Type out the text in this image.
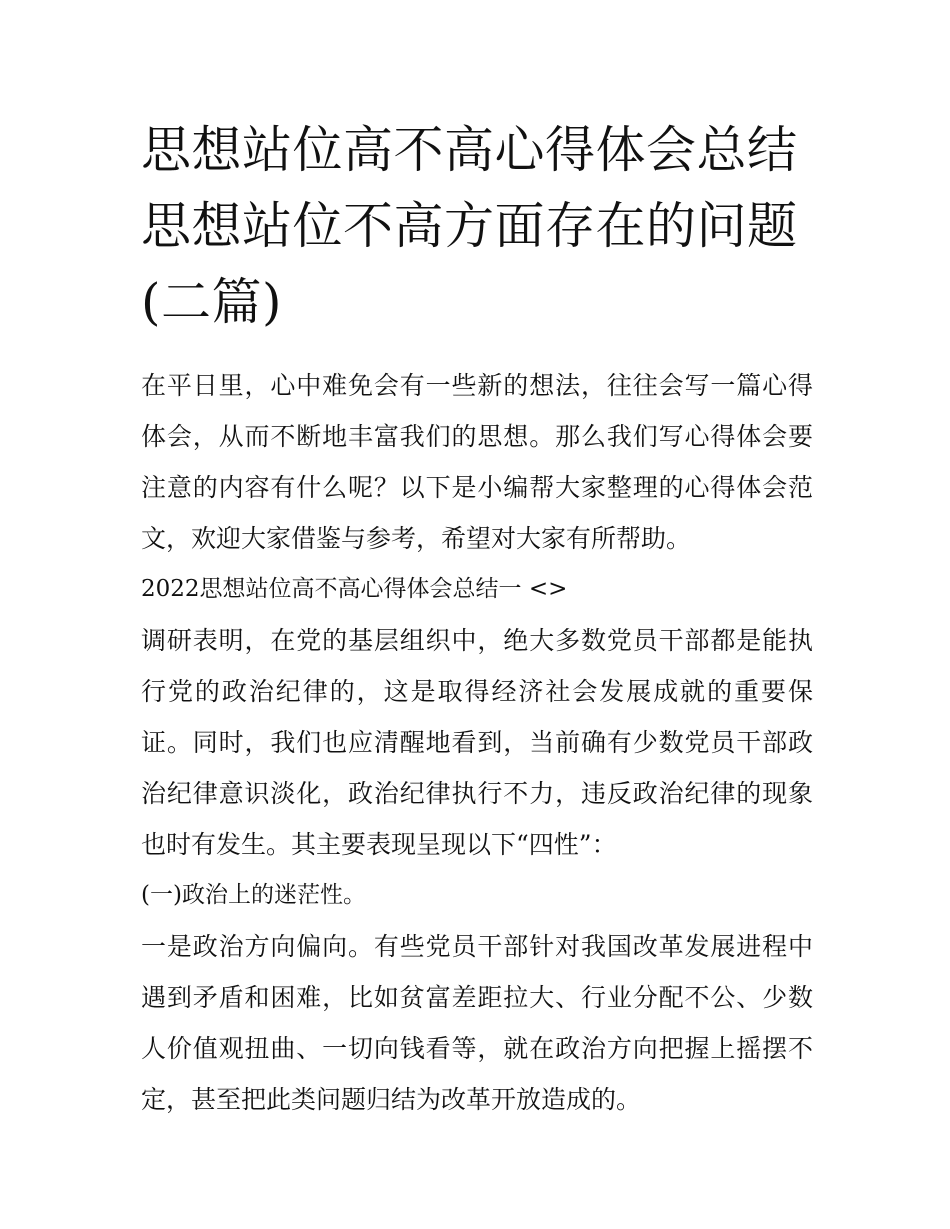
思想站位高不高心得体会总结思想站位不高方面存在的问题(二篇)

在平日里，心中难免会有一些新的想法，往往会写一篇心得体会，从而不断地丰富我们的思想。那么我们写心得体会要注意的内容有什么呢？以下是小编帮大家整理的心得体会范文，欢迎大家借鉴与参考，希望对大家有所帮助。

2022思想站位高不高心得体会总结一 <>

调研表明，在党的基层组织中，绝大多数党员干部都是能执行党的政治纪律的，这是取得经济社会发展成就的重要保证。同时，我们也应清醒地看到，当前确有少数党员干部政治纪律意识淡化，政治纪律执行不力，违反政治纪律的现象也时有发生。其主要表现呈现以下“四性”：

(一)政治上的迷茫性。

一是政治方向偏向。有些党员干部针对我国改革发展进程中遇到矛盾和困难，比如贫富差距拉大、行业分配不公、少数人价值观扭曲、一切向钱看等，就在政治方向把握上摇摆不定，甚至把此类问题归结为改革开放造成的。
